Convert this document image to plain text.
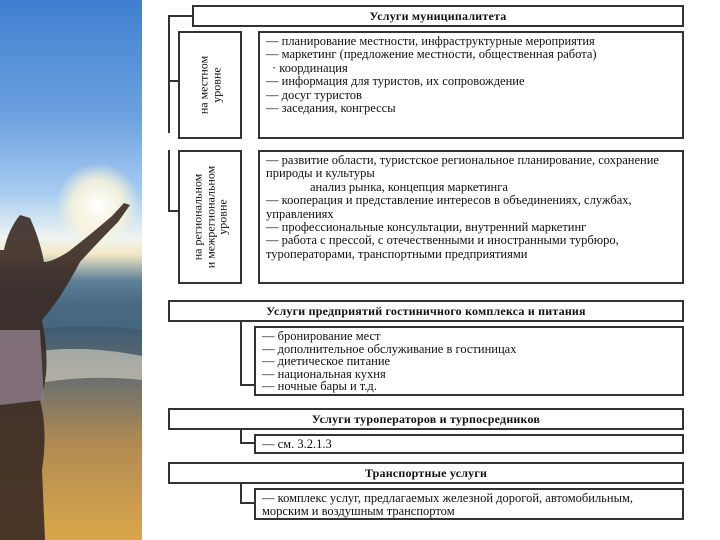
Услуги муниципалитета
на местном
уровне
— планирование местности, инфраструктурные мероприятия
— маркетинг (предложение местности, общественная работа)
· координация
— информация для туристов, их сопровождение
— досуг туристов
— заседания, конгрессы
на региональном
и межрегиональном
уровне
— развитие области, туристское региональное планирование, сохранение природы и культуры
анализ рынка, концепция маркетинга
— кооперация и представление интересов в объединениях, службах, управлениях
— профессиональные консультации, внутренний маркетинг
— работа с прессой, с отечественными и иностранными турбюро, туроператорами, транспортными предприятиями
Услуги предприятий гостиничного комплекса и питания
— бронирование мест
— дополнительное обслуживание в гостиницах
— диетическое питание
— национальная кухня
— ночные бары и т.д.
Услуги туроператоров и турпосредников
— см. 3.2.1.3
Транспортные услуги
— комплекс услуг, предлагаемых железной дорогой, автомобильным, морским и воздушным транспортом
